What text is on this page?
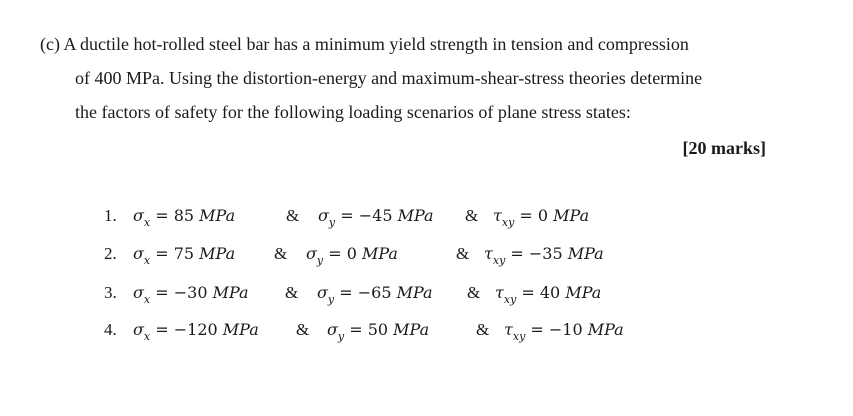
(c) A ductile hot-rolled steel bar has a minimum yield strength in tension and compression
of 400 MPa. Using the distortion-energy and maximum-shear-stress theories determine
the factors of safety for the following loading scenarios of plane stress states:
[20 marks]
1. $\sigma_x = 85$ MPa	& $\sigma_y = -45$ MPa & $\tau_{xy} = 0$ MPa
2. $\sigma_x = 75$ MPa & $\sigma_y = 0$ MPa	& $\tau_{xy} = -35$ MPa
3. $\sigma_x = -30$ MPa & $\sigma_y = -65$ MPa & $\tau_{xy} = 40$ MPa
4. $\sigma_x = -120$ MPa & $\sigma_y = 50$ MPa	& $\tau_{xy} = -10$ MPa
